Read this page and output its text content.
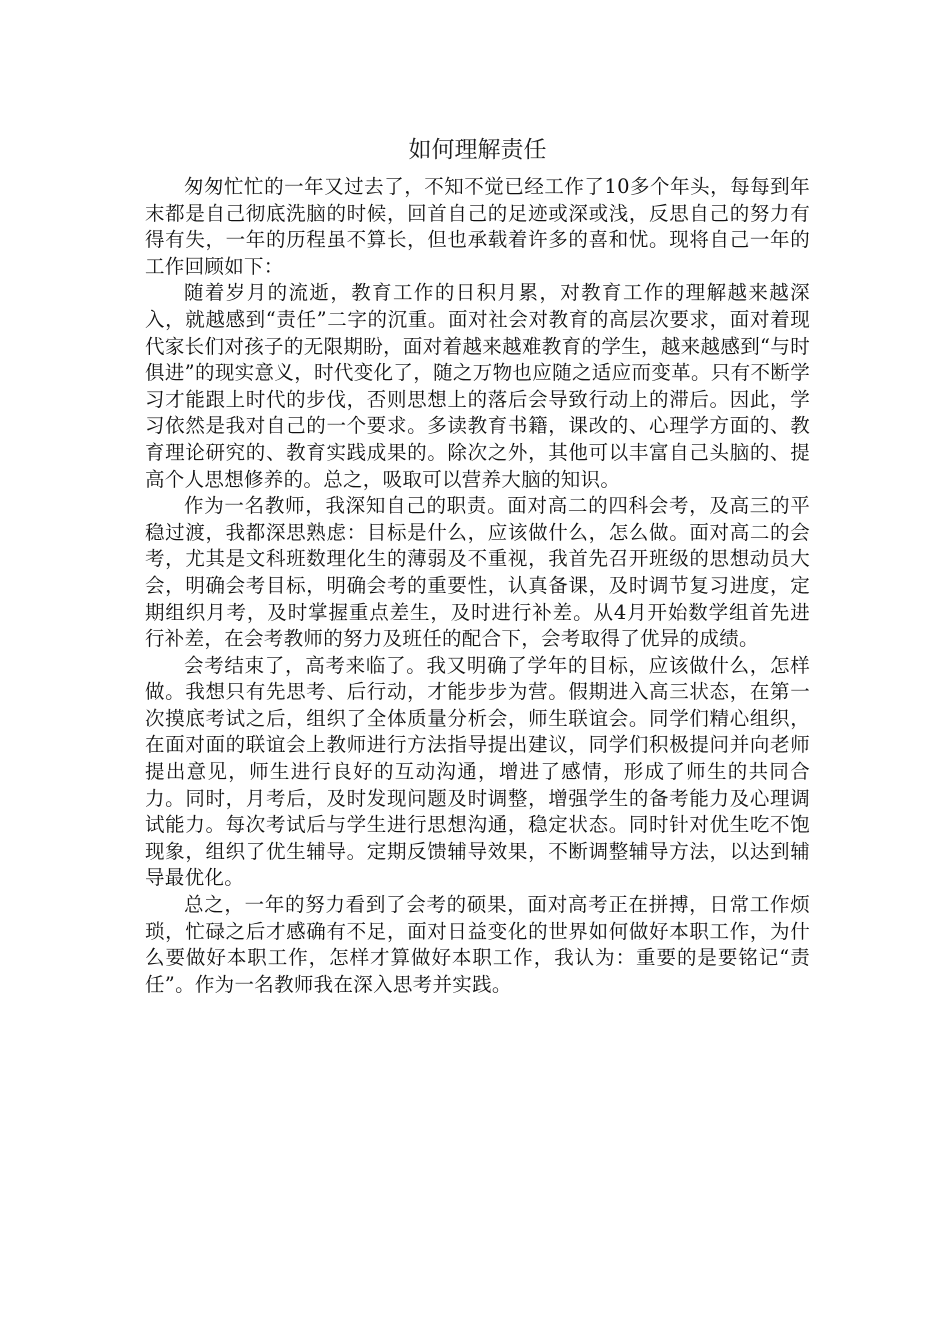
如何理解责任

匆匆忙忙的一年又过去了，不知不觉已经工作了10多个年头，每每到年末都是自己彻底洗脑的时候，回首自己的足迹或深或浅，反思自己的努力有得有失，一年的历程虽不算长，但也承载着许多的喜和忧。现将自己一年的工作回顾如下：

随着岁月的流逝，教育工作的日积月累，对教育工作的理解越来越深入，就越感到“责任”二字的沉重。面对社会对教育的高层次要求，面对着现代家长们对孩子的无限期盼，面对着越来越难教育的学生，越来越感到“与时俱进”的现实意义，时代变化了，随之万物也应随之适应而变革。只有不断学习才能跟上时代的步伐，否则思想上的落后会导致行动上的滞后。因此，学习依然是我对自己的一个要求。多读教育书籍，课改的、心理学方面的、教育理论研究的、教育实践成果的。除次之外，其他可以丰富自己头脑的、提高个人思想修养的。总之，吸取可以营养大脑的知识。

作为一名教师，我深知自己的职责。面对高二的四科会考，及高三的平稳过渡，我都深思熟虑：目标是什么，应该做什么，怎么做。面对高二的会考，尤其是文科班数理化生的薄弱及不重视，我首先召开班级的思想动员大会，明确会考目标，明确会考的重要性，认真备课，及时调节复习进度，定期组织月考，及时掌握重点差生，及时进行补差。从4月开始数学组首先进行补差，在会考教师的努力及班任的配合下，会考取得了优异的成绩。

会考结束了，高考来临了。我又明确了学年的目标，应该做什么，怎样做。我想只有先思考、后行动，才能步步为营。假期进入高三状态，在第一次摸底考试之后，组织了全体质量分析会，师生联谊会。同学们精心组织，在面对面的联谊会上教师进行方法指导提出建议，同学们积极提问并向老师提出意见，师生进行良好的互动沟通，增进了感情，形成了师生的共同合力。同时，月考后，及时发现问题及时调整，增强学生的备考能力及心理调试能力。每次考试后与学生进行思想沟通，稳定状态。同时针对优生吃不饱现象，组织了优生辅导。定期反馈辅导效果，不断调整辅导方法，以达到辅导最优化。

总之，一年的努力看到了会考的硕果，面对高考正在拼搏，日常工作烦琐，忙碌之后才感确有不足，面对日益变化的世界如何做好本职工作，为什么要做好本职工作，怎样才算做好本职工作，我认为：重要的是要铭记“责任”。作为一名教师我在深入思考并实践。
